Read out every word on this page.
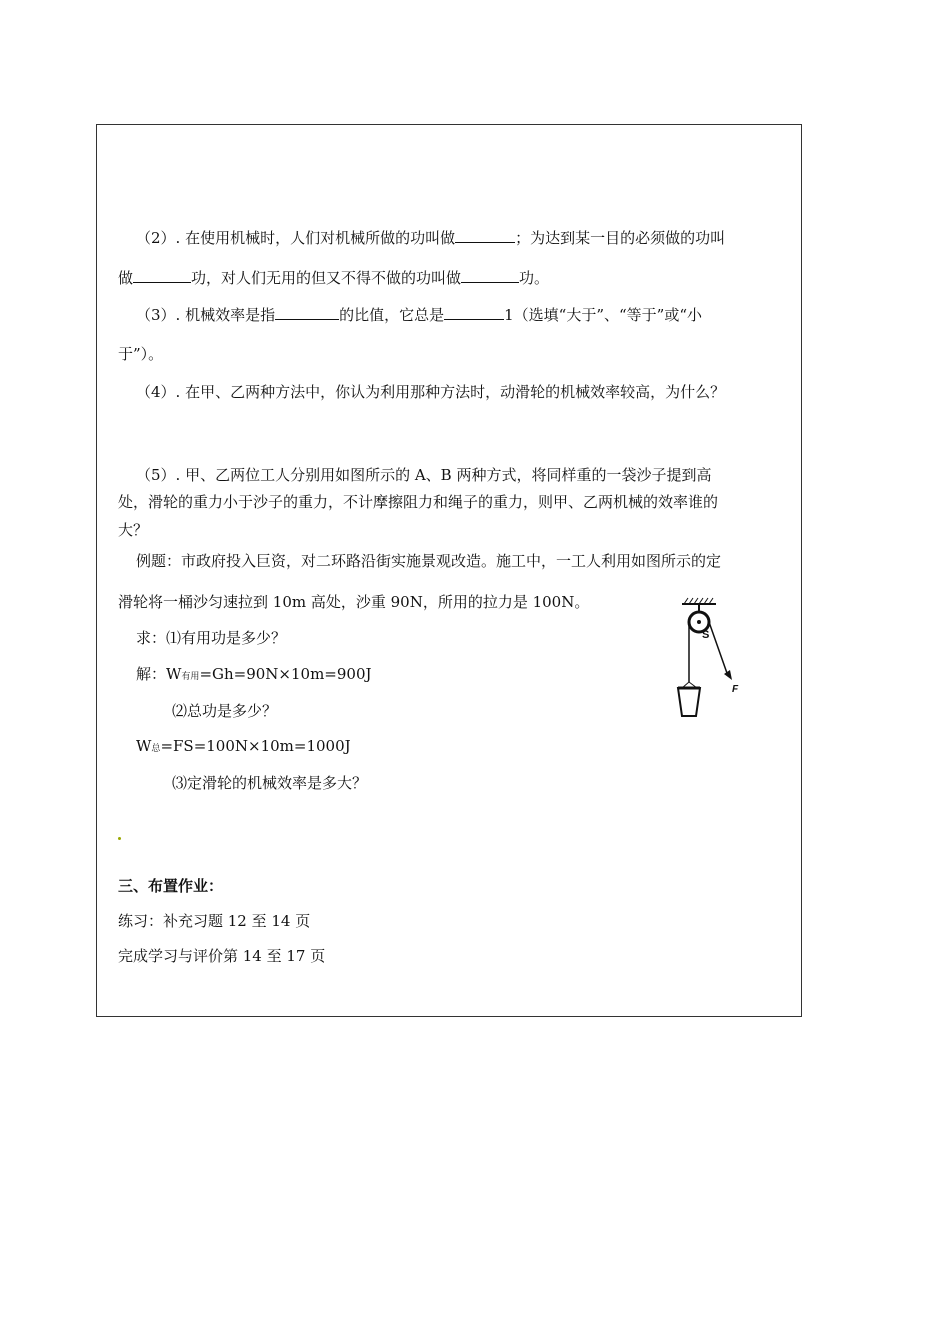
（2）. 在使用机械时，人们对机械所做的功叫做	；为达到某一目的必须做的功叫
做	功，对人们无用的但又不得不做的功叫做	功。
（3）. 机械效率是指	的比值，它总是	1（选填“大于”、“等于”或“小
于”）。
（4）. 在甲、乙两种方法中，你认为利用那种方法时，动滑轮的机械效率较高，为什么？
（5）. 甲、乙两位工人分别用如图所示的 A、B 两种方式，将同样重的一袋沙子提到高
处，滑轮的重力小于沙子的重力，不计摩擦阻力和绳子的重力，则甲、乙两机械的效率谁的
大？
例题：市政府投入巨资，对二环路沿街实施景观改造。施工中，一工人利用如图所示的定
滑轮将一桶沙匀速拉到 10m 高处，沙重 90N，所用的拉力是 100N。
求：⑴有用功是多少？
解：W有用=Gh=90N×10m=900J
⑵总功是多少？
W总=FS=100N×10m=1000J
⑶定滑轮的机械效率是多大？
S
F
三、布置作业：
练习：补充习题 12 至 14 页
完成学习与评价第 14 至 17 页
